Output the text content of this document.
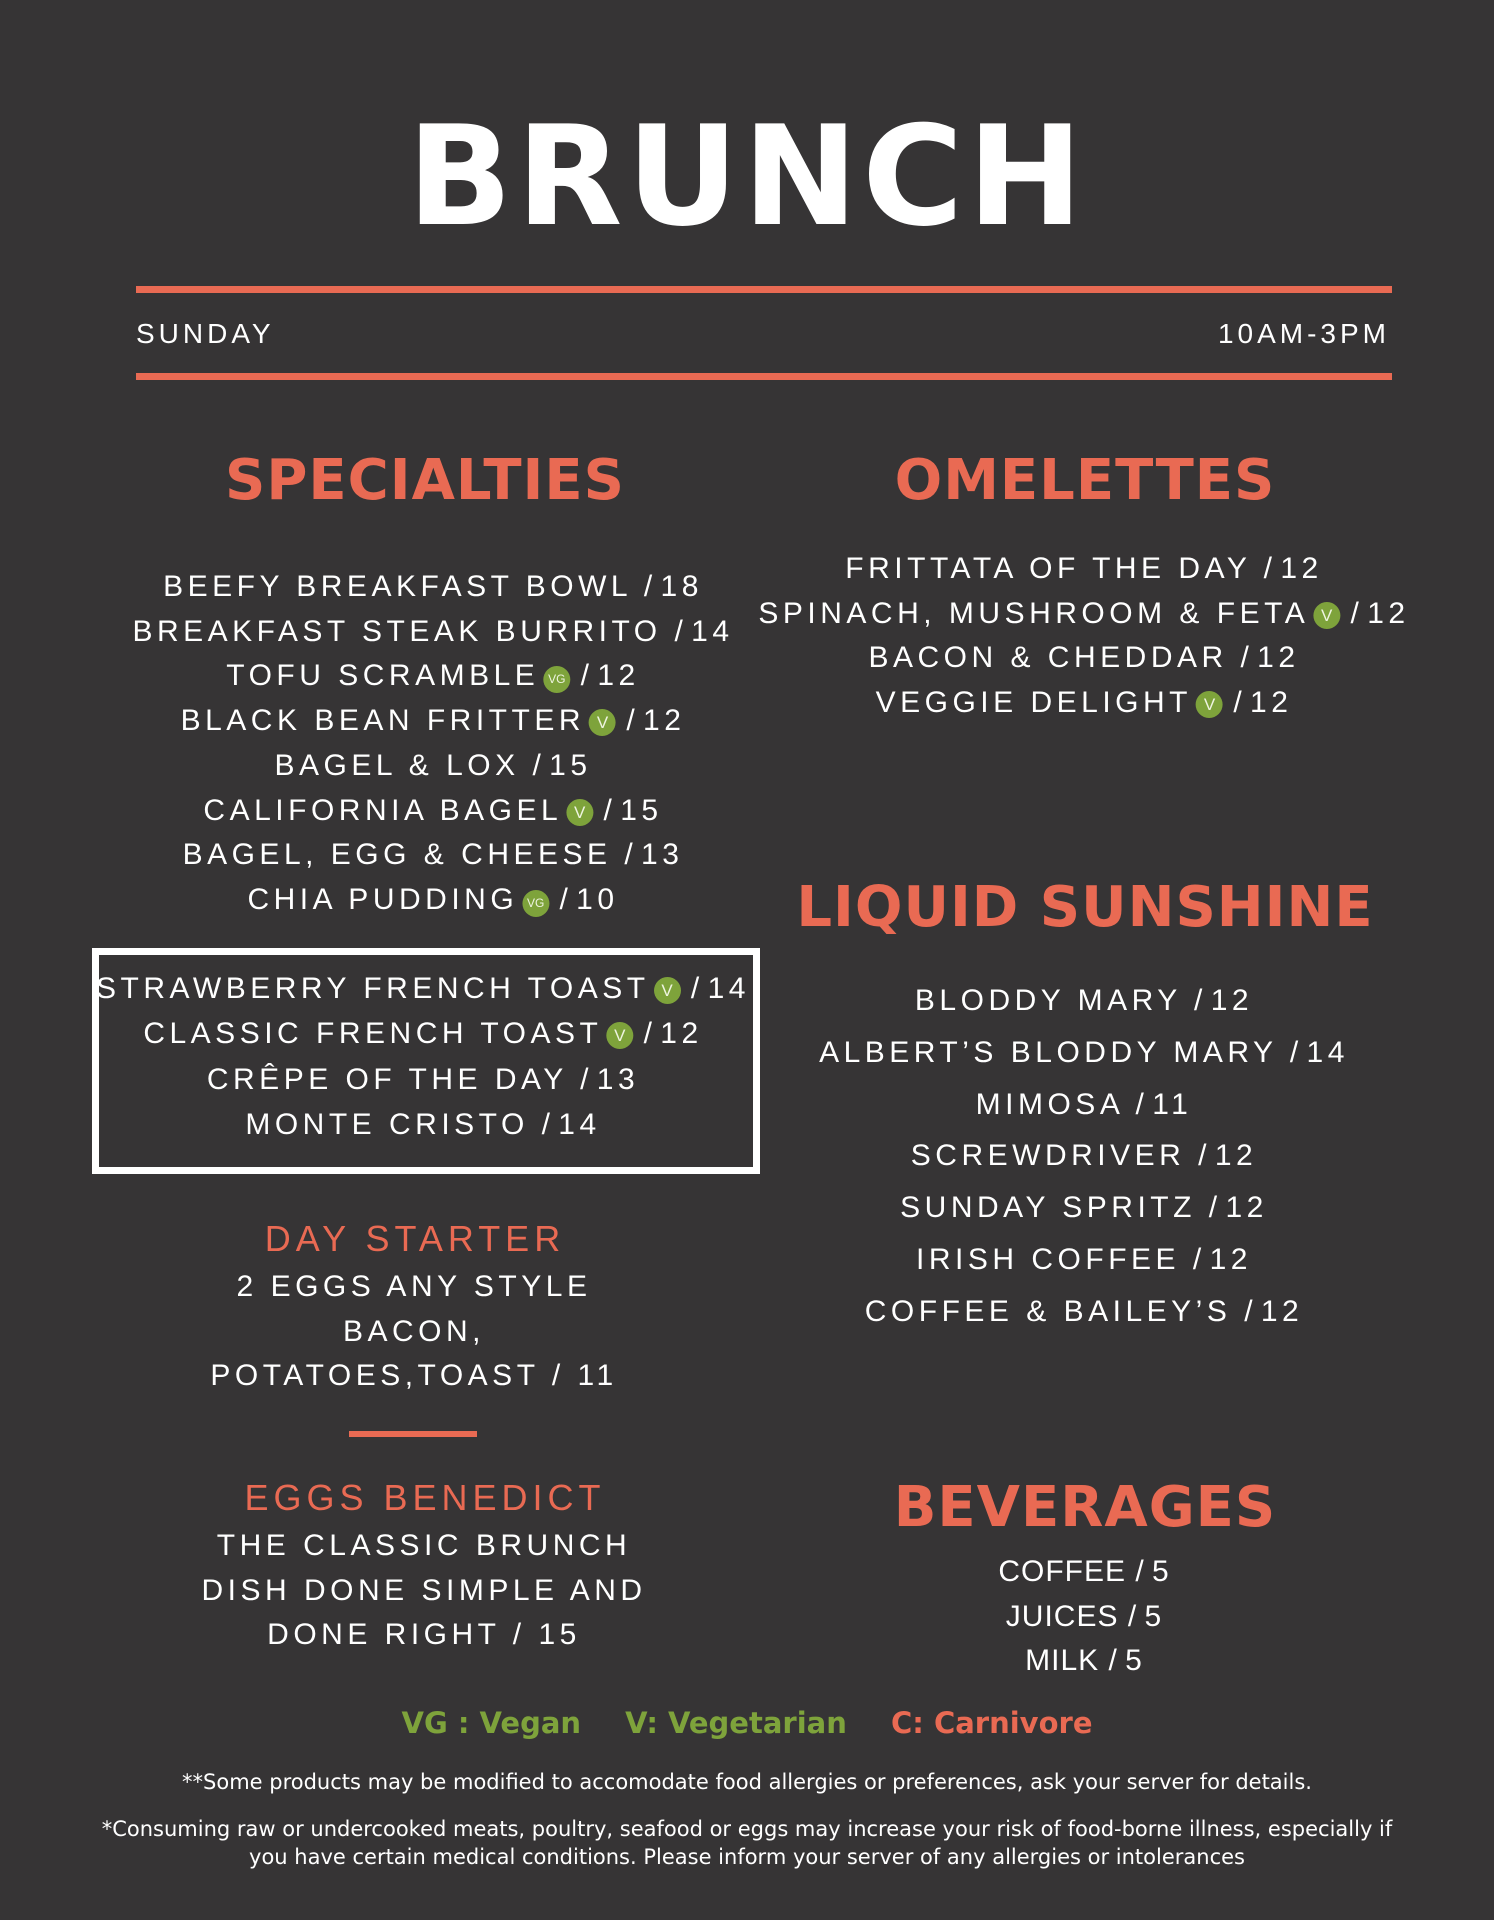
BRUNCH
SUNDAY	10AM-3PM
SPECIALTIES
BEEFY BREAKFAST BOWL / 18
BREAKFAST STEAK BURRITO / 14
TOFU SCRAMBLE VG / 12
BLACK BEAN FRITTER V / 12
BAGEL & LOX / 15
CALIFORNIA BAGEL V / 15
BAGEL, EGG & CHEESE / 13
CHIA PUDDING VG / 10
STRAWBERRY FRENCH TOAST V / 14
CLASSIC FRENCH TOAST V / 12
CRÊPE OF THE DAY / 13
MONTE CRISTO / 14
DAY STARTER
2 EGGS ANY STYLE
BACON,
POTATOES,TOAST / 11
EGGS BENEDICT
THE CLASSIC BRUNCH
DISH DONE SIMPLE AND
DONE RIGHT / 15
OMELETTES
FRITTATA OF THE DAY / 12
SPINACH, MUSHROOM & FETA V / 12
BACON & CHEDDAR / 12
VEGGIE DELIGHT V / 12
LIQUID SUNSHINE
BLODDY MARY / 12
ALBERT’S BLODDY MARY / 14
MIMOSA / 11
SCREWDRIVER / 12
SUNDAY SPRITZ / 12
IRISH COFFEE / 12
COFFEE & BAILEY’S / 12
BEVERAGES
COFFEE / 5
JUICES / 5
MILK / 5
VG : Vegan V: Vegetarian C: Carnivore
**Some products may be modified to accomodate food allergies or preferences, ask your server for details.
*Consuming raw or undercooked meats, poultry, seafood or eggs may increase your risk of food-borne illness, especially if you have certain medical conditions. Please inform your server of any allergies or intolerances
